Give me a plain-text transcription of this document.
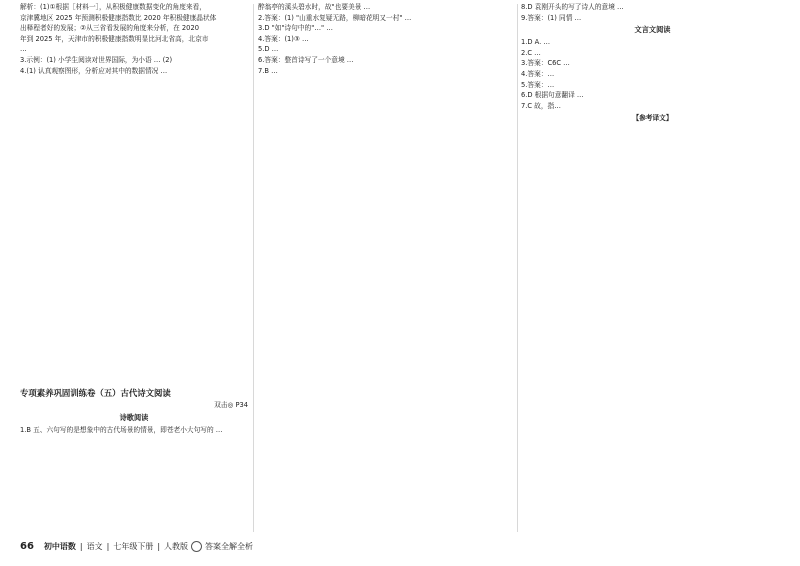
解析：(1)①根据［材料一］，从积极健康数据变化的角度来看，

京津冀地区 2025 年预测积极健康指数比 2020 年积极健康晶状体

出释程者好的发展；②从三省看发展的角度来分析，在 2020

年到 2025 年，天津市的积极健康指数明显比河北省高，北京市

…

3.示例：(1) 小学生阅读对世界国际，为小语 … (2)

4.(1) 认真观察图形，分析应对其中的数据情况 …

专项素养巩固训练卷（五）古代诗文阅读
双击◎ P34
诗歌阅读

1.B 五、六句写的是想象中的古代场景的情景，即苍老小大句写的 …

醉翁亭的溪头碧水时，故"也要美景 …

2.答案：(1) "山重水复疑无路，柳暗花明又一村" …

3.D "如"诗句中的"…" …

4.答案：(1)③ …

5.D …

6.答案：整首诗写了一个意境 …

7.B …

8.D 袁刚开头的写了诗人的意境 …

9.答案：(1) 同情 …

文言文阅读

1.D A. …

2.C …

3.答案：C6C …

4.答案：…

5.答案：…

6.D 根据句意翻译 …

7.C 故，指…

【参考译文】

66 初中语数 | 语文 | 七年级下册 | 人教版 答案全解全析
